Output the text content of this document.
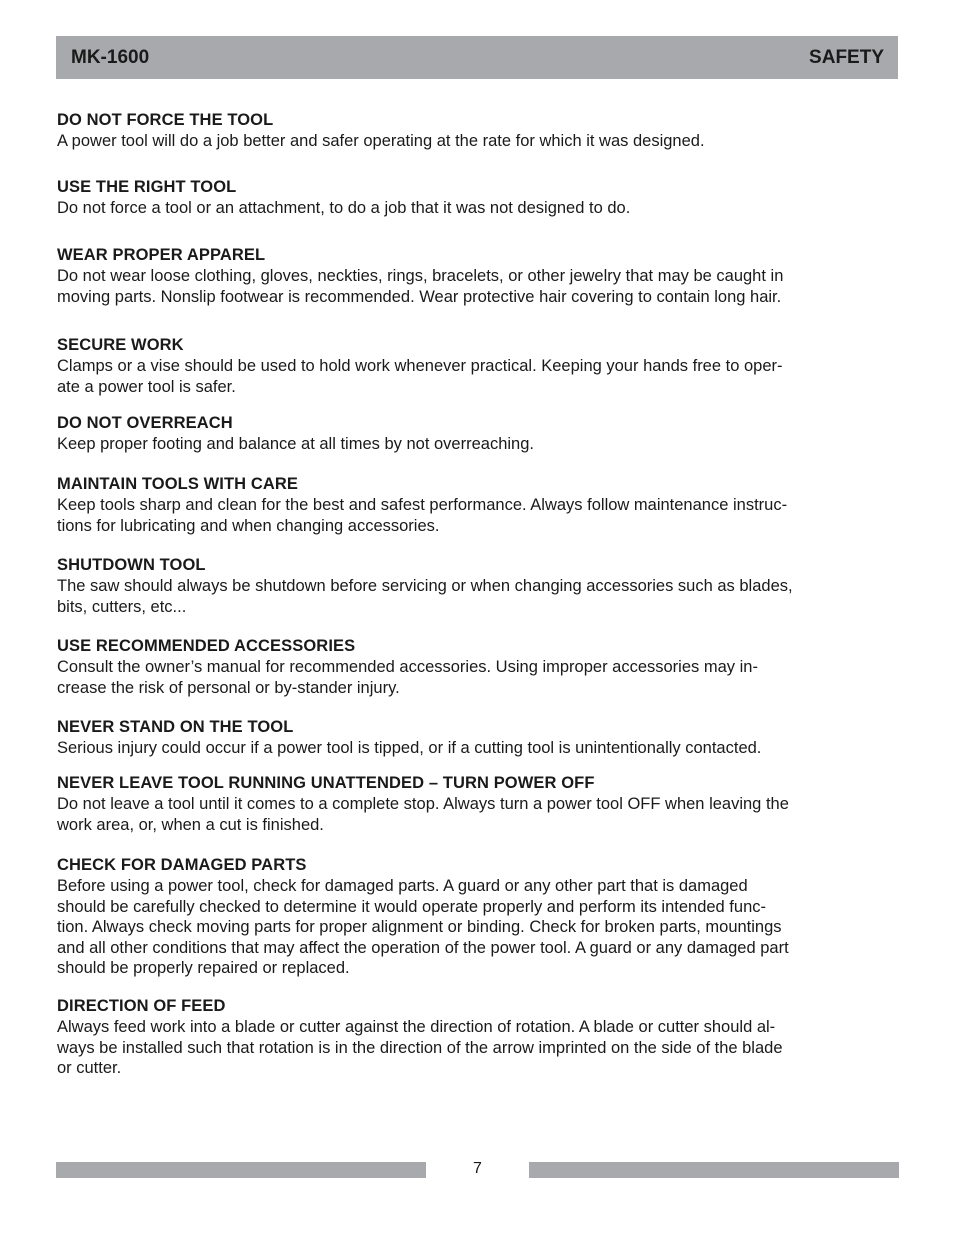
MK-1600	SAFETY
DO NOT FORCE THE TOOL

A power tool will do a job better and safer operating at the rate for which it was designed.

USE THE RIGHT TOOL

Do not force a tool or an attachment, to do a job that it was not designed to do.

WEAR PROPER APPAREL

Do not wear loose clothing, gloves, neckties, rings, bracelets, or other jewelry that may be caught in
moving parts. Nonslip footwear is recommended. Wear protective hair covering to contain long hair.

SECURE WORK

Clamps or a vise should be used to hold work whenever practical. Keeping your hands free to oper-
ate a power tool is safer.

DO NOT OVERREACH

Keep proper footing and balance at all times by not overreaching.

MAINTAIN TOOLS WITH CARE

Keep tools sharp and clean for the best and safest performance. Always follow maintenance instruc-
tions for lubricating and when changing accessories.

SHUTDOWN TOOL

The saw should always be shutdown before servicing or when changing accessories such as blades,
bits, cutters, etc...

USE RECOMMENDED ACCESSORIES

Consult the owner’s manual for recommended accessories. Using improper accessories may in-
crease the risk of personal or by-stander injury.

NEVER STAND ON THE TOOL

Serious injury could occur if a power tool is tipped, or if a cutting tool is unintentionally contacted.

NEVER LEAVE TOOL RUNNING UNATTENDED – TURN POWER OFF

Do not leave a tool until it comes to a complete stop. Always turn a power tool OFF when leaving the
work area, or, when a cut is finished.

CHECK FOR DAMAGED PARTS

Before using a power tool, check for damaged parts. A guard or any other part that is damaged
should be carefully checked to determine it would operate properly and perform its intended func-
tion. Always check moving parts for proper alignment or binding. Check for broken parts, mountings
and all other conditions that may affect the operation of the power tool. A guard or any damaged part
should be properly repaired or replaced.

DIRECTION OF FEED

Always feed work into a blade or cutter against the direction of rotation. A blade or cutter should al-
ways be installed such that rotation is in the direction of the arrow imprinted on the side of the blade
or cutter.

7
